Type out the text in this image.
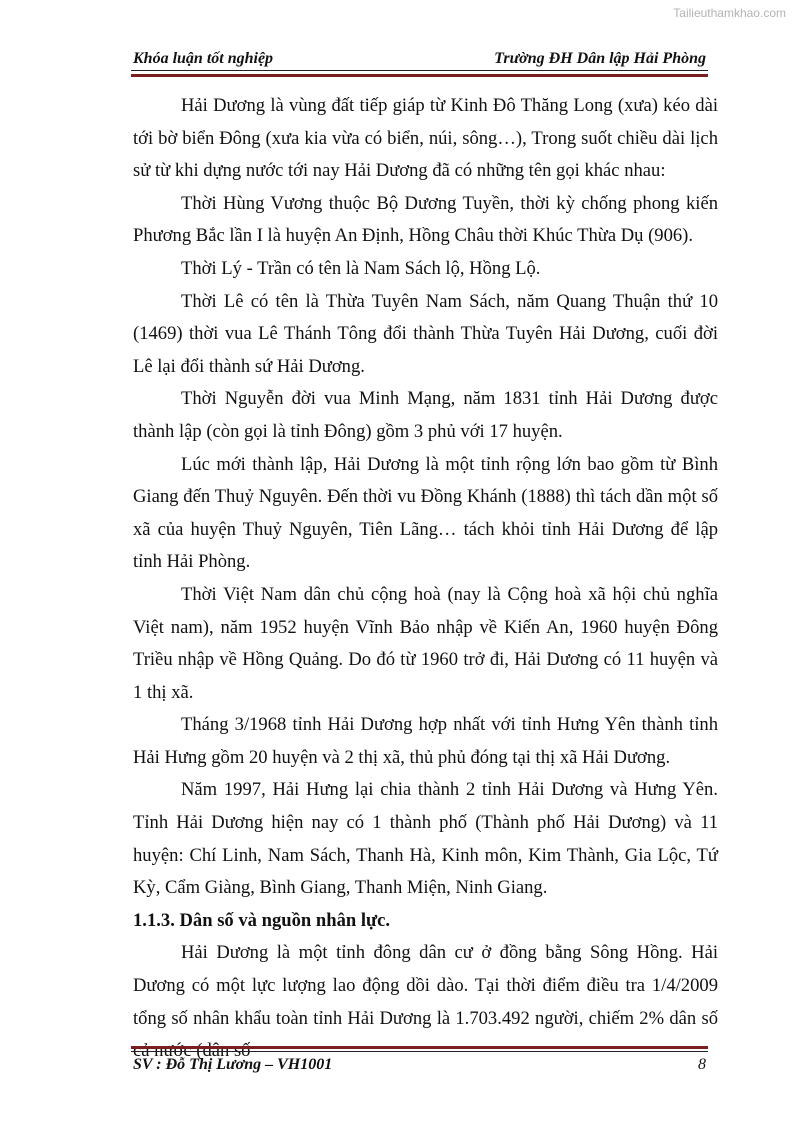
Tailieuthamkhao.com
Khóa luận tốt nghiệp	Trường ĐH Dân lập Hải Phòng

Hải Dương là vùng đất tiếp giáp từ Kinh Đô Thăng Long (xưa) kéo dài tới bờ biển Đông (xưa kia vừa có biển, núi, sông…), Trong suốt chiều dài lịch sử từ khi dựng nước tới nay Hải Dương đã có những tên gọi khác nhau:

Thời Hùng Vương thuộc Bộ Dương Tuyền, thời kỳ chống phong kiến Phương Bắc lần I là huyện An Định, Hồng Châu thời Khúc Thừa Dụ (906).

Thời Lý - Trần có tên là Nam Sách lộ, Hồng Lộ.

Thời Lê có tên là Thừa Tuyên Nam Sách, năm Quang Thuận thứ 10 (1469) thời vua Lê Thánh Tông đổi thành Thừa Tuyên Hải Dương, cuối đời Lê lại đổi thành sứ Hải Dương.

Thời Nguyễn đời vua Minh Mạng, năm 1831 tỉnh Hải Dương được thành lập (còn gọi là tỉnh Đông) gồm 3 phủ với 17 huyện.

Lúc mới thành lập, Hải Dương là một tỉnh rộng lớn bao gồm từ Bình Giang đến Thuỷ Nguyên. Đến thời vu Đồng Khánh (1888) thì tách dần một số xã của huyện Thuỷ Nguyên, Tiên Lãng… tách khỏi tỉnh Hải Dương để lập tỉnh Hải Phòng.

Thời Việt Nam dân chủ cộng hoà (nay là Cộng hoà xã hội chủ nghĩa Việt nam), năm 1952 huyện Vĩnh Bảo nhập về Kiến An, 1960 huyện Đông Triều nhập về Hồng Quảng. Do đó từ 1960 trở đi, Hải Dương có 11 huyện và 1 thị xã.

Tháng 3/1968 tỉnh Hải Dương hợp nhất với tỉnh Hưng Yên thành tỉnh Hải Hưng gồm 20 huyện và 2 thị xã, thủ phủ đóng tại thị xã Hải Dương.

Năm 1997, Hải Hưng lại chia thành 2 tỉnh Hải Dương và Hưng Yên. Tỉnh Hải Dương hiện nay có 1 thành phố (Thành phố Hải Dương) và 11 huyện: Chí Linh, Nam Sách, Thanh Hà, Kinh môn, Kim Thành, Gia Lộc, Tứ Kỳ, Cẩm Giàng, Bình Giang, Thanh Miện, Ninh Giang.

1.1.3. Dân số và nguồn nhân lực.

Hải Dương là một tỉnh đông dân cư ở đồng bằng Sông Hồng. Hải Dương có một lực lượng lao động dồi dào. Tại thời điểm điều tra 1/4/2009 tổng số nhân khẩu toàn tỉnh Hải Dương là 1.703.492 người, chiếm 2% dân số cả nước (dân số

SV : Đỗ Thị Lương – VH1001	8
